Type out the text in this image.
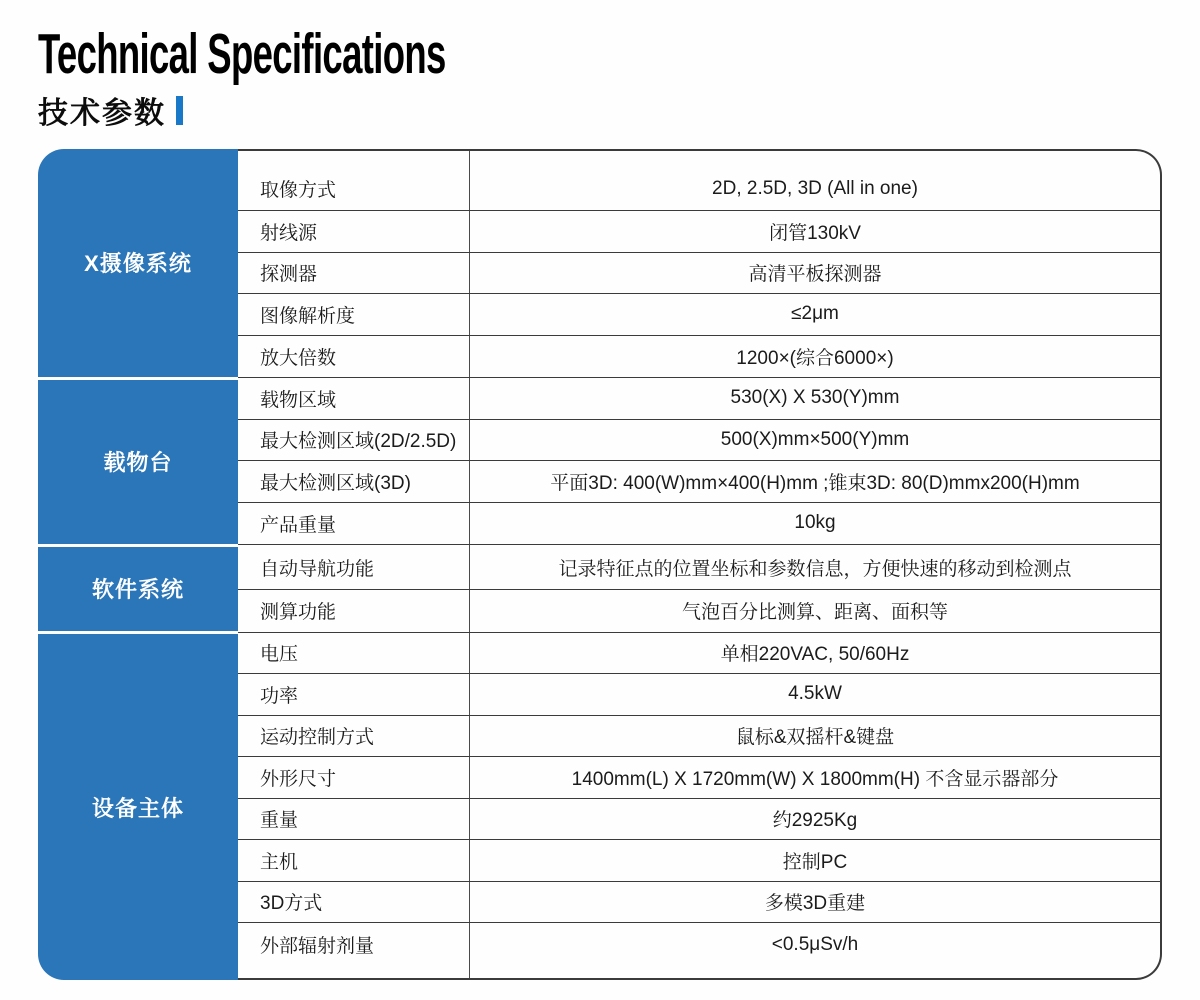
Technical Specifications
技术参数
X摄像系统
取像方式	2D, 2.5D, 3D (All in one)
射线源	闭管130kV
探测器	高清平板探测器
图像解析度	≤2μm
放大倍数	1200×(综合6000×)
载物台
载物区域	530(X) X 530(Y)mm
最大检测区域(2D/2.5D)	500(X)mm×500(Y)mm
最大检测区域(3D)	平面3D: 400(W)mm×400(H)mm ;锥束3D: 80(D)mmx200(H)mm
产品重量	10kg
软件系统
自动导航功能	记录特征点的位置坐标和参数信息，方便快速的移动到检测点
测算功能	气泡百分比测算、距离、面积等
设备主体
电压	单相220VAC, 50/60Hz
功率	4.5kW
运动控制方式	鼠标&双摇杆&键盘
外形尺寸	1400mm(L) X 1720mm(W) X 1800mm(H) 不含显示器部分
重量	约2925Kg
主机	控制PC
3D方式	多模3D重建
外部辐射剂量	<0.5μSv/h
